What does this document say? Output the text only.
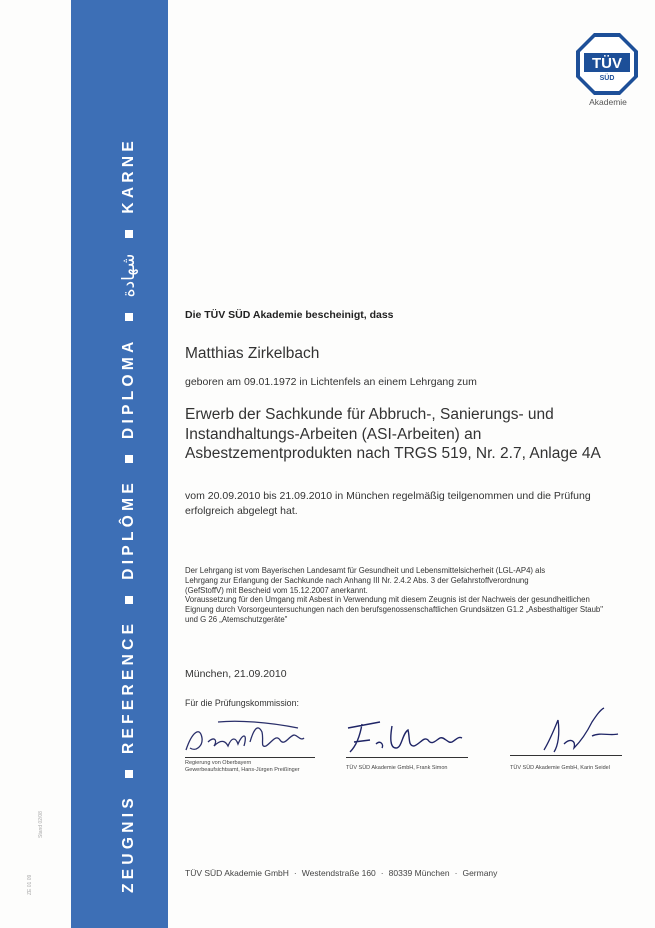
ZEUGNIS
REFERENCE
DIPLÔME
DIPLOMA
شهادة
KARNE
Stand 02/08
ZE 01 09
TÜV
SÜD
Akademie
Die TÜV SÜD Akademie bescheinigt, dass
Matthias Zirkelbach
geboren am 09.01.1972 in Lichtenfels an einem Lehrgang zum
Erwerb der Sachkunde für Abbruch-, Sanierungs- und
Instandhaltungs-Arbeiten (ASI-Arbeiten) an
Asbestzementprodukten nach TRGS 519, Nr. 2.7, Anlage 4A
vom 20.09.2010 bis 21.09.2010 in München regelmäßig teilgenommen und die Prüfung
erfolgreich abgelegt hat.
Der Lehrgang ist vom Bayerischen Landesamt für Gesundheit und Lebensmittelsicherheit (LGL-AP4) als
Lehrgang zur Erlangung der Sachkunde nach Anhang III Nr. 2.4.2 Abs. 3 der Gefahrstoffverordnung
(GefStoffV) mit Bescheid vom 15.12.2007 anerkannt.
Voraussetzung für den Umgang mit Asbest in Verwendung mit diesem Zeugnis ist der Nachweis der gesundheitlichen
Eignung durch Vorsorgeuntersuchungen nach den berufsgenossenschaftlichen Grundsätzen G1.2 „Asbesthaltiger Staub"
und G 26 „Atemschutzgeräte"
München, 21.09.2010
Für die Prüfungskommission:
Regierung von Oberbayern
Gewerbeaufsichtsamt, Hans-Jürgen Preißinger	TÜV SÜD Akademie GmbH, Frank Simon	TÜV SÜD Akademie GmbH, Karin Seidel
TÜV SÜD Akademie GmbH · Westendstraße 160 · 80339 München · Germany
